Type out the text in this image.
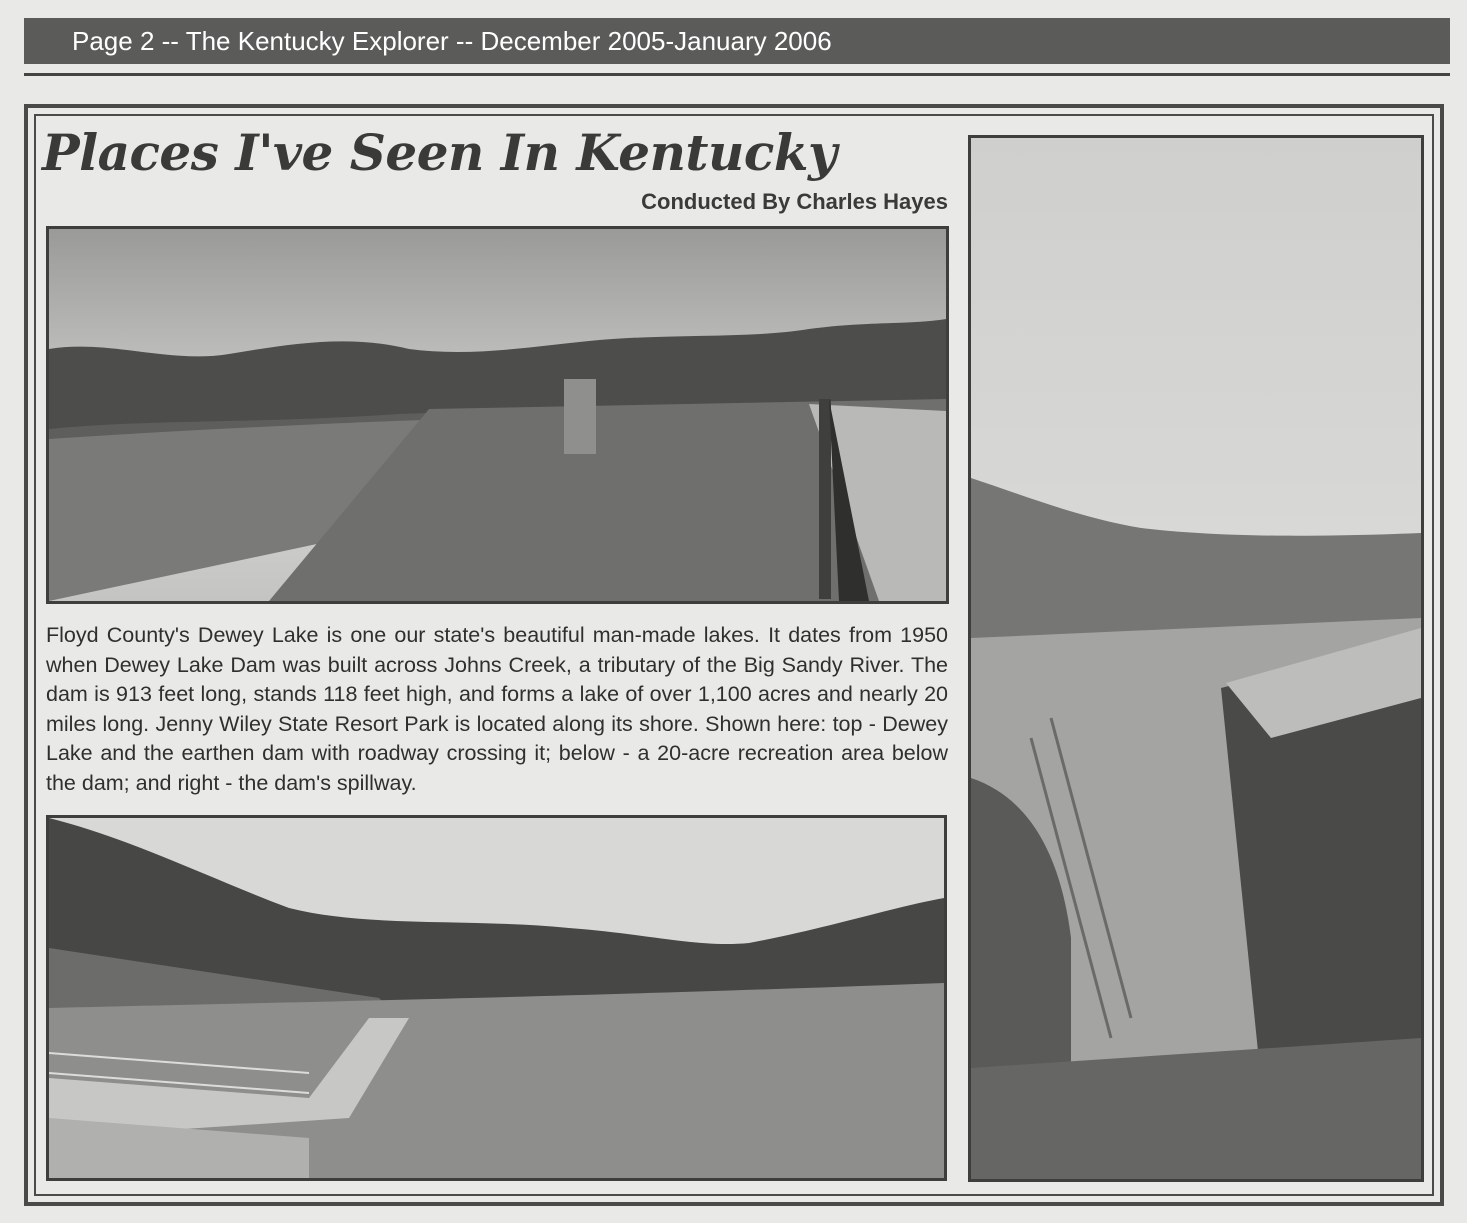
Page 2 -- The Kentucky Explorer -- December 2005-January 2006
Places I've Seen In Kentucky
Conducted By Charles Hayes

Floyd County's Dewey Lake is one our state's beautiful man-made lakes. It dates from 1950 when Dewey Lake Dam was built across Johns Creek, a tributary of the Big Sandy River. The dam is 913 feet long, stands 118 feet high, and forms a lake of over 1,100 acres and nearly 20 miles long. Jenny Wiley State Resort Park is located along its shore. Shown here: top - Dewey Lake and the earthen dam with roadway crossing it; below - a 20-acre recreation area below the dam; and right - the dam's spillway.
